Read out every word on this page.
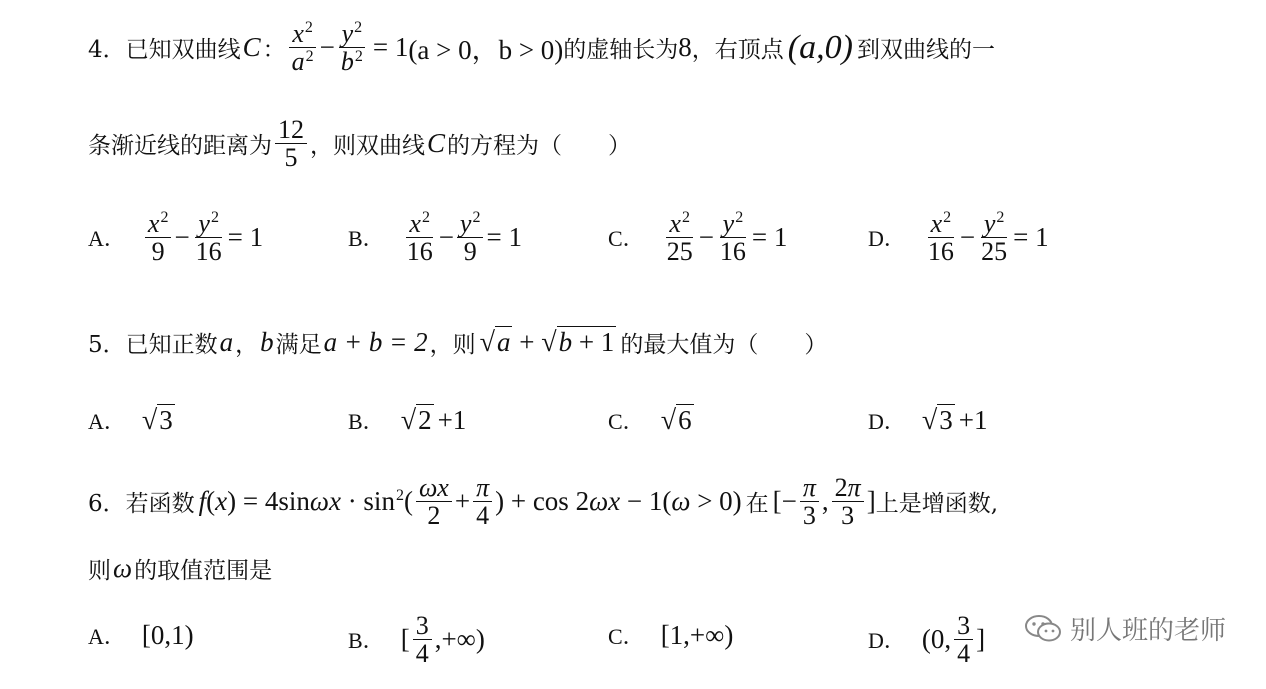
4． 已知双曲线 C ： $\frac{x^2}{a^2} - \frac{y^2}{b^2} = 1$ (a > 0，b > 0) 的虚轴长为 8 ，右顶点 (a,0) 到双曲线的一
条渐近线的距离为 $\frac{12}{5}$ ，则双曲线 C 的方程为（　　）
A． $\frac{x^2}{9} - \frac{y^2}{16} = 1$	B． $\frac{x^2}{16} - \frac{y^2}{9} = 1$	C． $\frac{x^2}{25} - \frac{y^2}{16} = 1$	D． $\frac{x^2}{16} - \frac{y^2}{25} = 1$
5． 已知正数 a ， b 满足 a + b = 2 ，则 √a + √b + 1 的最大值为（　　）
A． √3	B． √2 +1	C． √6	D． √3 +1
6． 若函数 $f(x) = 4\sin\omega x \cdot \sin^2( \frac{\omega x}{2} + \frac{\pi}{4}$ ) + cos 2ωx − 1(ω > 0) 在 [− $\frac{\pi}{3}$ , $\frac{2\pi}{3}$ ] 上是增函数,
则 ω 的取值范围是
A． [0,1)	B． [ $\frac{3}{4}$ ,+∞)	C． [1,+∞)	D． (0, $\frac{3}{4}$ ]	别人班的老师
